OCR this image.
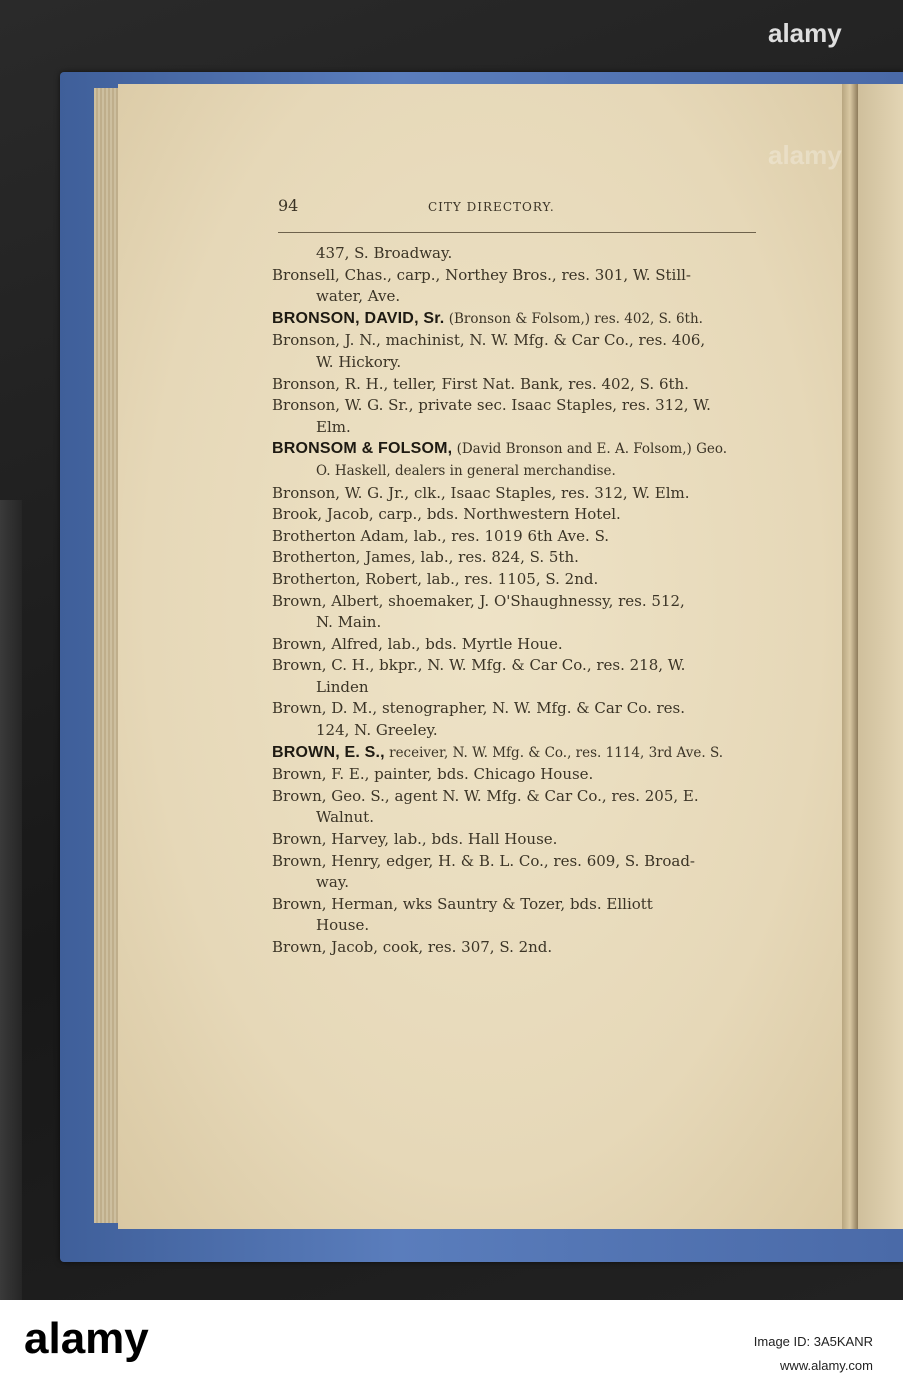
alamy
alamy
94	CITY DIRECTORY.

437, S. Broadway.

Bronsell, Chas., carp., Northey Bros., res. 301, W. Still-

water, Ave.

BRONSON, DAVID, Sr. (Bronson & Folsom,) res. 402, S. 6th.

Bronson, J. N., machinist, N. W. Mfg. & Car Co., res. 406,

W. Hickory.

Bronson, R. H., teller, First Nat. Bank, res. 402, S. 6th.

Bronson, W. G. Sr., private sec. Isaac Staples, res. 312, W.

Elm.

BRONSOM & FOLSOM, (David Bronson and E. A. Folsom,) Geo.

O. Haskell, dealers in general merchandise.

Bronson, W. G. Jr., clk., Isaac Staples, res. 312, W. Elm.

Brook, Jacob, carp., bds. Northwestern Hotel.

Brotherton Adam, lab., res. 1019 6th Ave. S.

Brotherton, James, lab., res. 824, S. 5th.

Brotherton, Robert, lab., res. 1105, S. 2nd.

Brown, Albert, shoemaker, J. O'Shaughnessy, res. 512,

N. Main.

Brown, Alfred, lab., bds. Myrtle Houe.

Brown, C. H., bkpr., N. W. Mfg. & Car Co., res. 218, W.

Linden

Brown, D. M., stenographer, N. W. Mfg. & Car Co. res.

124, N. Greeley.

BROWN, E. S., receiver, N. W. Mfg. & Co., res. 1114, 3rd Ave. S.

Brown, F. E., painter, bds. Chicago House.

Brown, Geo. S., agent N. W. Mfg. & Car Co., res. 205, E.

Walnut.

Brown, Harvey, lab., bds. Hall House.

Brown, Henry, edger, H. & B. L. Co., res. 609, S. Broad-

way.

Brown, Herman, wks Sauntry & Tozer, bds. Elliott

House.

Brown, Jacob, cook, res. 307, S. 2nd.

alamy	Image ID: 3A5KANR
www.alamy.com
